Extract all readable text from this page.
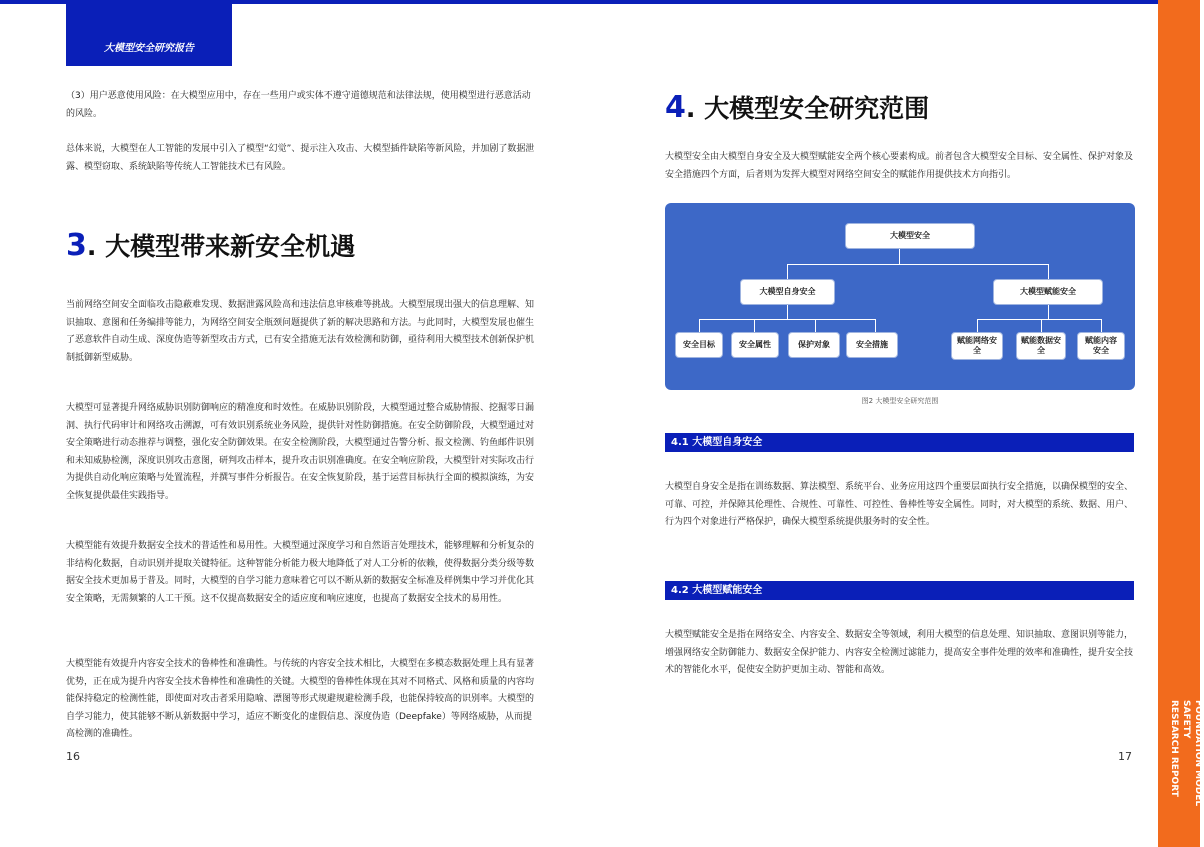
大模型安全研究报告
FOUNDATION MODEL SAFETY
RESEARCH REPORT

（3）用户恶意使用风险：在大模型应用中，存在一些用户或实体不遵守道德规范和法律法规，使用模型进行恶意活动的风险。

总体来说，大模型在人工智能的发展中引入了模型“幻觉”、提示注入攻击、大模型插件缺陷等新风险，并加剧了数据泄露、模型窃取、系统缺陷等传统人工智能技术已有风险。

3. 大模型带来新安全机遇

当前网络空间安全面临攻击隐蔽难发现、数据泄露风险高和违法信息审核难等挑战。大模型展现出强大的信息理解、知识抽取、意图和任务编排等能力，为网络空间安全瓶颈问题提供了新的解决思路和方法。与此同时，大模型发展也催生了恶意软件自动生成、深度伪造等新型攻击方式，已有安全措施无法有效检测和防御，亟待利用大模型技术创新保护机制抵御新型威胁。

大模型可显著提升网络威胁识别防御响应的精准度和时效性。在威胁识别阶段，大模型通过整合威胁情报、挖掘零日漏洞、执行代码审计和网络攻击溯源，可有效识别系统业务风险，提供针对性防御措施。在安全防御阶段，大模型通过对安全策略进行动态推荐与调整，强化安全防御效果。在安全检测阶段，大模型通过告警分析、报文检测、钓鱼邮件识别和未知威胁检测，深度识别攻击意图，研判攻击样本，提升攻击识别准确度。在安全响应阶段，大模型针对实际攻击行为提供自动化响应策略与处置流程，并撰写事件分析报告。在安全恢复阶段，基于运营目标执行全面的模拟演练，为安全恢复提供最佳实践指导。

大模型能有效提升数据安全技术的普适性和易用性。大模型通过深度学习和自然语言处理技术，能够理解和分析复杂的非结构化数据，自动识别并提取关键特征。这种智能分析能力极大地降低了对人工分析的依赖，使得数据分类分级等数据安全技术更加易于普及。同时，大模型的自学习能力意味着它可以不断从新的数据安全标准及样例集中学习并优化其安全策略，无需频繁的人工干预。这不仅提高数据安全的适应度和响应速度，也提高了数据安全技术的易用性。

大模型能有效提升内容安全技术的鲁棒性和准确性。与传统的内容安全技术相比，大模型在多模态数据处理上具有显著优势，正在成为提升内容安全技术鲁棒性和准确性的关键。大模型的鲁棒性体现在其对不同格式、风格和质量的内容均能保持稳定的检测性能，即使面对攻击者采用隐喻、漂图等形式规避规避检测手段，也能保持较高的识别率。大模型的自学习能力，使其能够不断从新数据中学习，适应不断变化的虚假信息、深度伪造（Deepfake）等网络威胁，从而提高检测的准确性。

16
4. 大模型安全研究范围

大模型安全由大模型自身安全及大模型赋能安全两个核心要素构成。前者包含大模型安全目标、安全属性、保护对象及安全措施四个方面，后者则为发挥大模型对网络空间安全的赋能作用提供技术方向指引。

大模型安全
大模型自身安全	大模型赋能安全
安全目标	安全属性	保护对象	安全措施	赋能网络安全
赋能数据安全
赋能内容安全
图2 大模型安全研究范围
4.1 大模型自身安全

大模型自身安全是指在训练数据、算法模型、系统平台、业务应用这四个重要层面执行安全措施，以确保模型的安全、可靠、可控，并保障其伦理性、合规性、可靠性、可控性、鲁棒性等安全属性。同时，对大模型的系统、数据、用户、行为四个对象进行严格保护，确保大模型系统提供服务时的安全性。

4.2 大模型赋能安全

大模型赋能安全是指在网络安全、内容安全、数据安全等领域，利用大模型的信息处理、知识抽取、意图识别等能力，增强网络安全防御能力、数据安全保护能力、内容安全检测过滤能力，提高安全事件处理的效率和准确性，提升安全技术的智能化水平，促使安全防护更加主动、智能和高效。

17
